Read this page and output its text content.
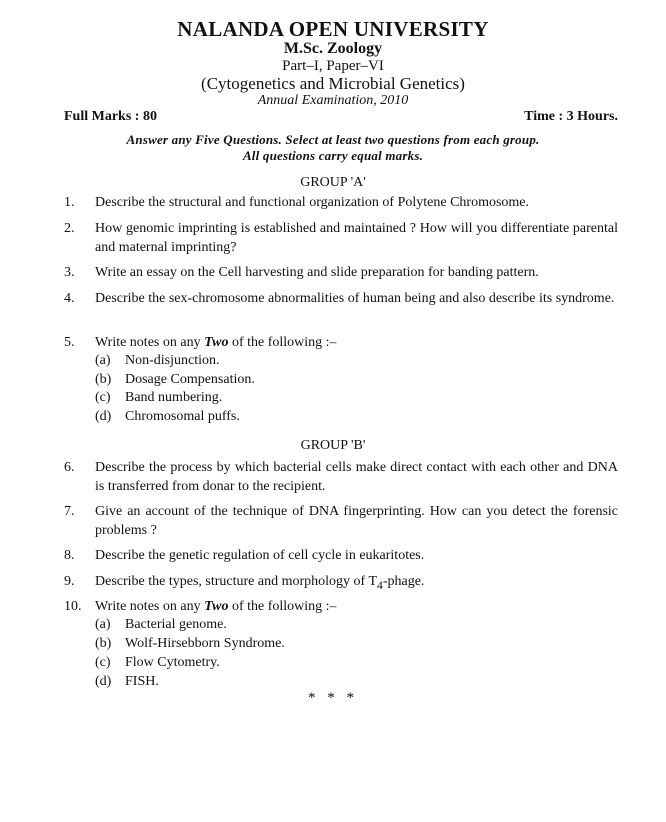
NALANDA OPEN UNIVERSITY
M.Sc. Zoology
Part–I, Paper–VI
(Cytogenetics and Microbial Genetics)
Annual Examination, 2010
Full Marks : 80	Time : 3 Hours.
Answer any Five Questions. Select at least two questions from each group.
All questions carry equal marks.
GROUP 'A'
1.	Describe the structural and functional organization of Polytene Chromosome.
2.	How genomic imprinting is established and maintained ? How will you differentiate parental and maternal imprinting?
3.	Write an essay on the Cell harvesting and slide preparation for banding pattern.
4.	Describe the sex-chromosome abnormalities of human being and also describe its syndrome.
5.	Write notes on any Two of the following :–
(a) Non-disjunction.
(b) Dosage Compensation.
(c) Band numbering.
(d) Chromosomal puffs.
GROUP 'B'
6.	Describe the process by which bacterial cells make direct contact with each other and DNA is transferred from donar to the recipient.
7.	Give an account of the technique of DNA fingerprinting. How can you detect the forensic problems ?
8.	Describe the genetic regulation of cell cycle in eukaritotes.
9.	Describe the types, structure and morphology of $T_4$-phage.
10. Write notes on any Two of the following :–
(a) Bacterial genome.
(b) Wolf-Hirsebborn Syndrome.
(c) Flow Cytometry.
(d) FISH.
* * *
